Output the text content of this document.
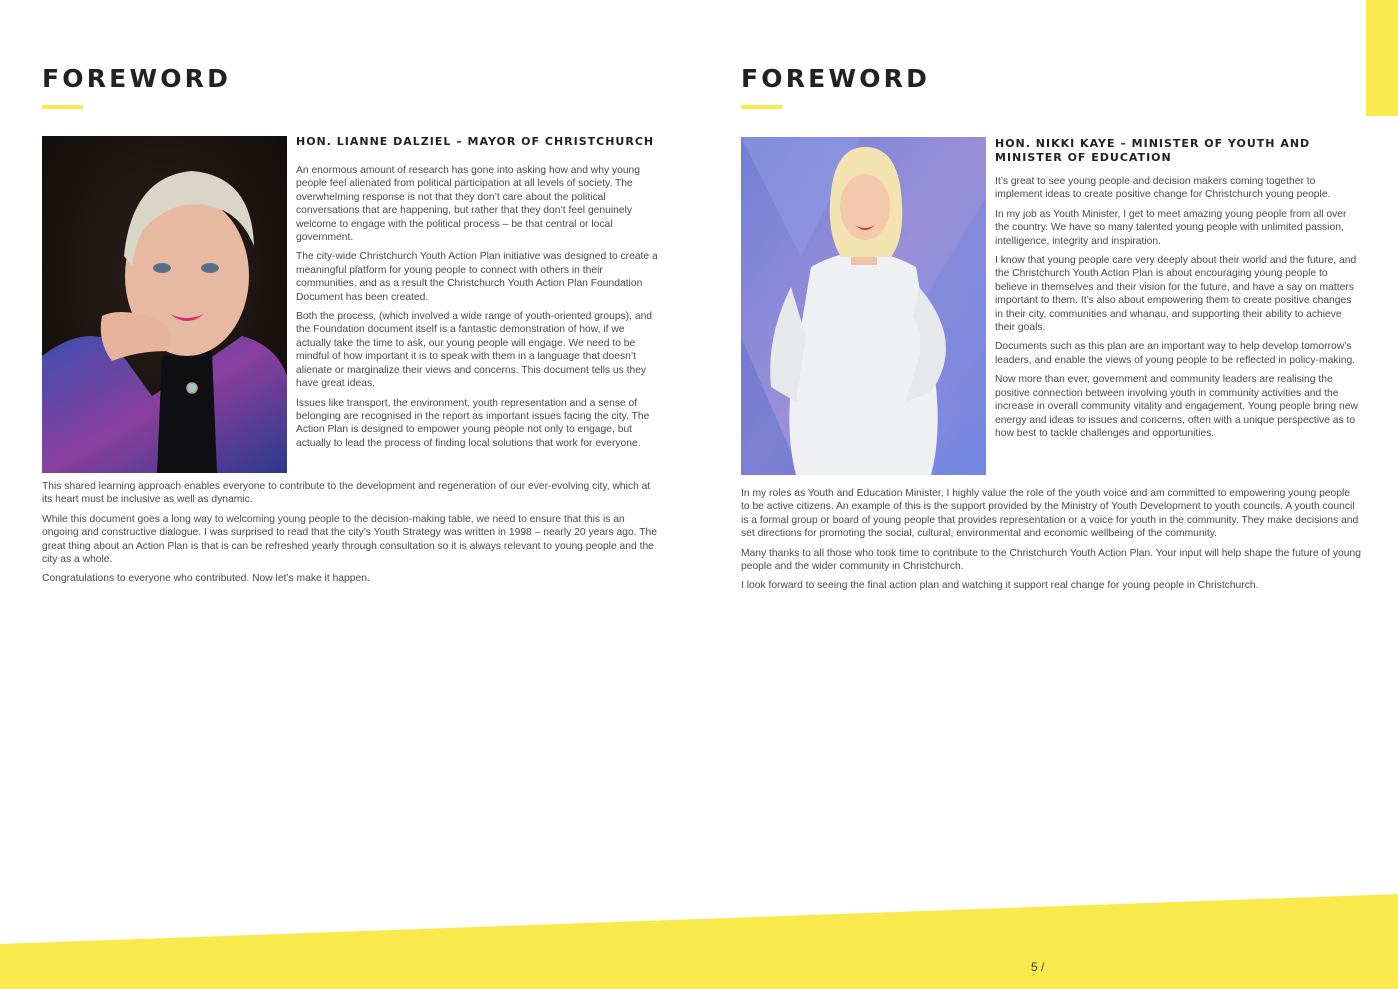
FOREWORD

HON. LIANNE DALZIEL – MAYOR OF CHRISTCHURCH

An enormous amount of research has gone into asking how and why young people feel alienated from political participation at all levels of society. The overwhelming response is not that they don’t care about the political conversations that are happening, but rather that they don’t feel genuinely welcome to engage with the political process – be that central or local government.

The city-wide Christchurch Youth Action Plan initiative was designed to create a meaningful platform for young people to connect with others in their communities, and as a result the Christchurch Youth Action Plan Foundation Document has been created.

Both the process, (which involved a wide range of youth-oriented groups), and the Foundation document itself is a fantastic demonstration of how, if we actually take the time to ask, our young people will engage. We need to be mindful of how important it is to speak with them in a language that doesn’t alienate or marginalize their views and concerns. This document tells us they have great ideas.

Issues like transport, the environment, youth representation and a sense of belonging are recognised in the report as important issues facing the city. The Action Plan is designed to empower young people not only to engage, but actually to lead the process of finding local solutions that work for everyone.

This shared learning approach enables everyone to contribute to the development and regeneration of our ever-evolving city, which at its heart must be inclusive as well as dynamic.

While this document goes a long way to welcoming young people to the decision-making table, we need to ensure that this is an ongoing and constructive dialogue. I was surprised to read that the city’s Youth Strategy was written in 1998 – nearly 20 years ago. The great thing about an Action Plan is that is can be refreshed yearly through consultation so it is always relevant to young people and the city as a whole.

Congratulations to everyone who contributed. Now let’s make it happen.

FOREWORD

HON. NIKKI KAYE – MINISTER OF YOUTH AND MINISTER OF EDUCATION

It’s great to see young people and decision makers coming together to implement ideas to create positive change for Christchurch young people.

In my job as Youth Minister, I get to meet amazing young people from all over the country. We have so many talented young people with unlimited passion, intelligence, integrity and inspiration.

I know that young people care very deeply about their world and the future, and the Christchurch Youth Action Plan is about encouraging young people to believe in themselves and their vision for the future, and have a say on matters important to them. It’s also about empowering them to create positive changes in their city, communities and whanau, and supporting their ability to achieve their goals.

Documents such as this plan are an important way to help develop tomorrow’s leaders, and enable the views of young people to be reflected in policy-making.

Now more than ever, government and community leaders are realising the positive connection between involving youth in community activities and the increase in overall community vitality and engagement. Young people bring new energy and ideas to issues and concerns, often with a unique perspective as to how best to tackle challenges and opportunities.

In my roles as Youth and Education Minister, I highly value the role of the youth voice and am committed to empowering young people to be active citizens. An example of this is the support provided by the Ministry of Youth Development to youth councils. A youth council is a formal group or board of young people that provides representation or a voice for youth in the community. They make decisions and set directions for promoting the social, cultural, environmental and economic wellbeing of the community.

Many thanks to all those who took time to contribute to the Christchurch Youth Action Plan. Your input will help shape the future of young people and the wider community in Christchurch.

I look forward to seeing the final action plan and watching it support real change for young people in Christchurch.

5 /
